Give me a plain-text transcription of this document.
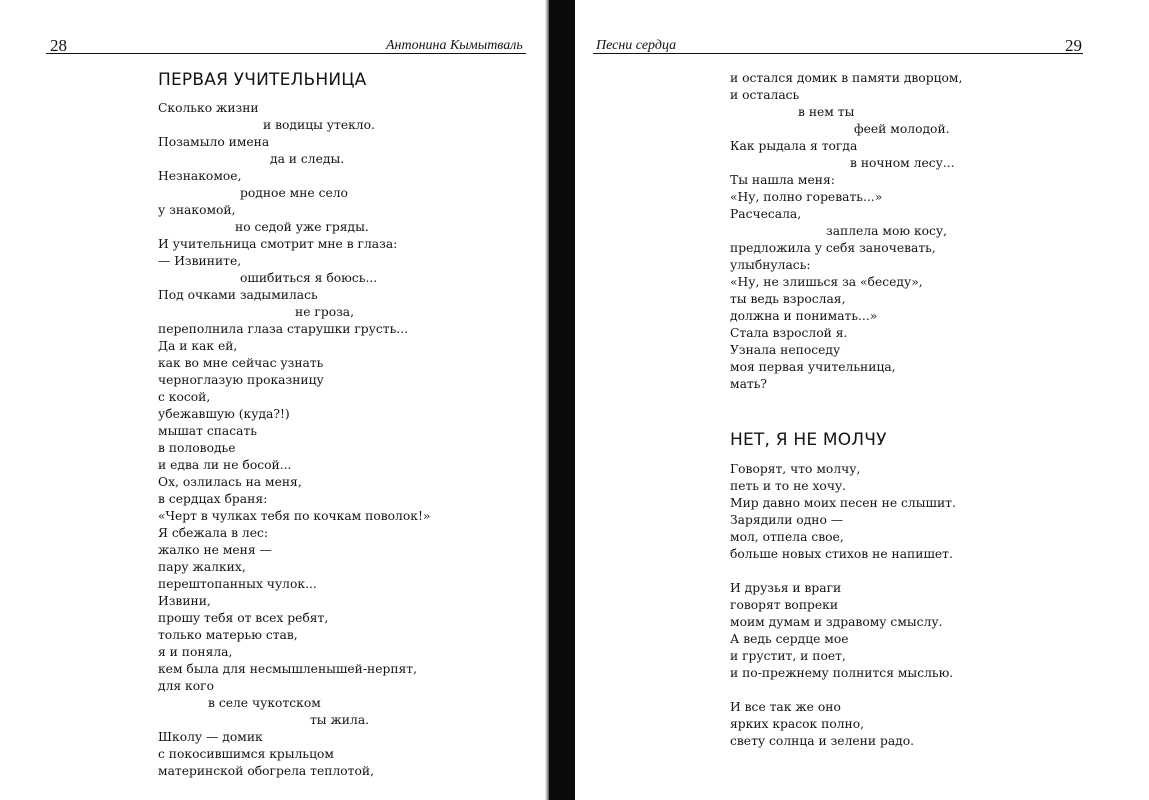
28	Антонина Кымытваль
ПЕРВАЯ УЧИТЕЛЬНИЦА
Сколько жизни
и водицы утекло.
Позамыло имена
да и следы.
Незнакомое,
родное мне село
у знакомой,
но седой уже гряды.
И учительница смотрит мне в глаза:
— Извините,
ошибиться я боюсь...
Под очками задымилась
не гроза,
переполнила глаза старушки грусть...
Да и как ей,
как во мне сейчас узнать
черноглазую проказницу
с косой,
убежавшую (куда?!)
мышат спасать
в половодье
и едва ли не босой...
Ох, озлилась на меня,
в сердцах браня:
«Черт в чулках тебя по кочкам поволок!»
Я сбежала в лес:
жалко не меня —
пару жалких,
перештопанных чулок...
Извини,
прошу тебя от всех ребят,
только матерью став,
я и поняла,
кем была для несмышленышей-нерпят,
для кого
в селе чукотском
ты жила.
Школу — домик
с покосившимся крыльцом
материнской обогрела теплотой,
Песни сердца	29
и остался домик в памяти дворцом,
и осталась
в нем ты
феей молодой.
Как рыдала я тогда
в ночном лесу...
Ты нашла меня:
«Ну, полно горевать...»
Расчесала,
заплела мою косу,
предложила у себя заночевать,
улыбнулась:
«Ну, не злишься за «беседу»,
ты ведь взрослая,
должна и понимать...»
Стала взрослой я.
Узнала непоседу
моя первая учительница,
мать?
НЕТ, Я НЕ МОЛЧУ
Говорят, что молчу,
петь и то не хочу.
Мир давно моих песен не слышит.
Зарядили одно —
мол, отпела свое,
больше новых стихов не напишет.
И друзья и враги
говорят вопреки
моим думам и здравому смыслу.
А ведь сердце мое
и грустит, и поет,
и по-прежнему полнится мыслью.
И все так же оно
ярких красок полно,
свету солнца и зелени радо.
